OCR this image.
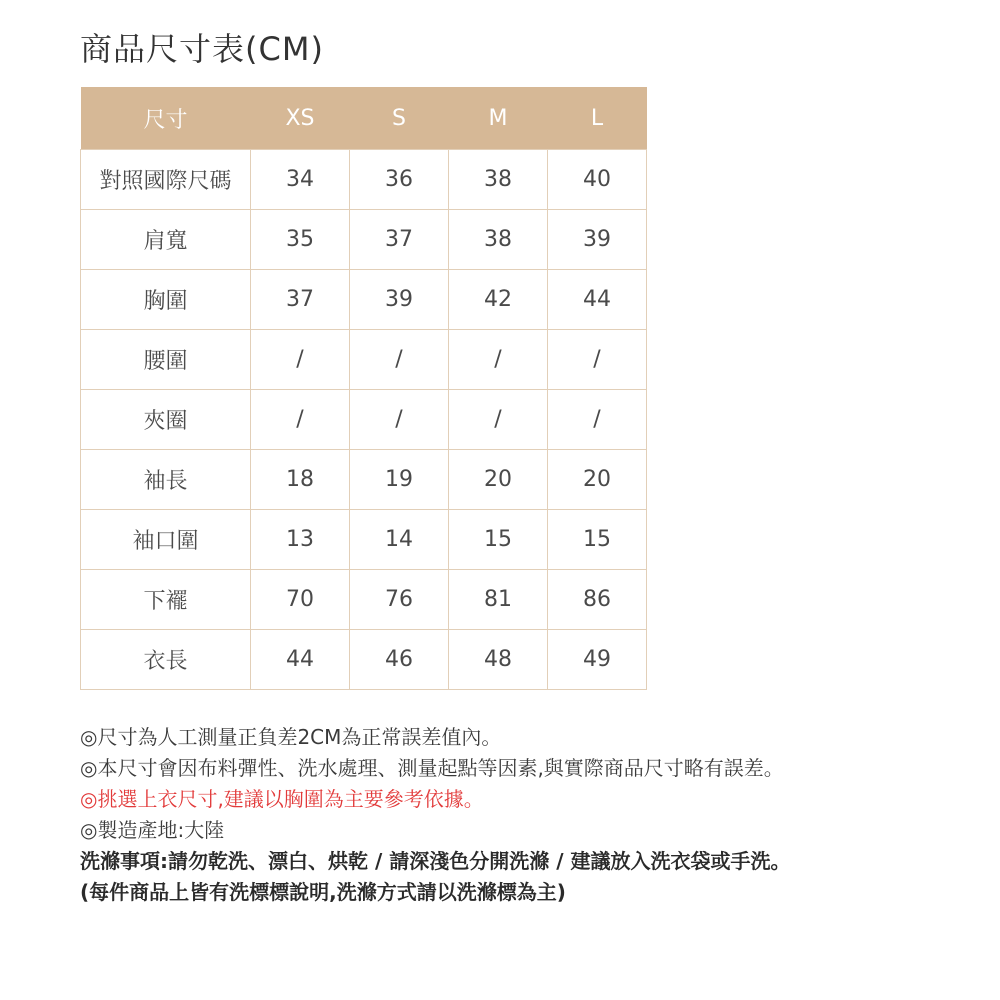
商品尺寸表(CM)
尺寸	XS	S	M	L
對照國際尺碼	34	36	38	40
肩寬	35	37	38	39
胸圍	37	39	42	44
腰圍	/	/	/	/
夾圈	/	/	/	/
袖長	18	19	20	20
袖口圍	13	14	15	15
下襬	70	76	81	86
衣長	44	46	48	49
◎尺寸為人工測量正負差2CM為正常誤差值內。
◎本尺寸會因布料彈性、洗水處理、測量起點等因素,與實際商品尺寸略有誤差。
◎挑選上衣尺寸,建議以胸圍為主要參考依據。
◎製造產地:大陸
洗滌事項:請勿乾洗、漂白、烘乾 / 請深淺色分開洗滌 / 建議放入洗衣袋或手洗。
(每件商品上皆有洗標標說明,洗滌方式請以洗滌標為主)
